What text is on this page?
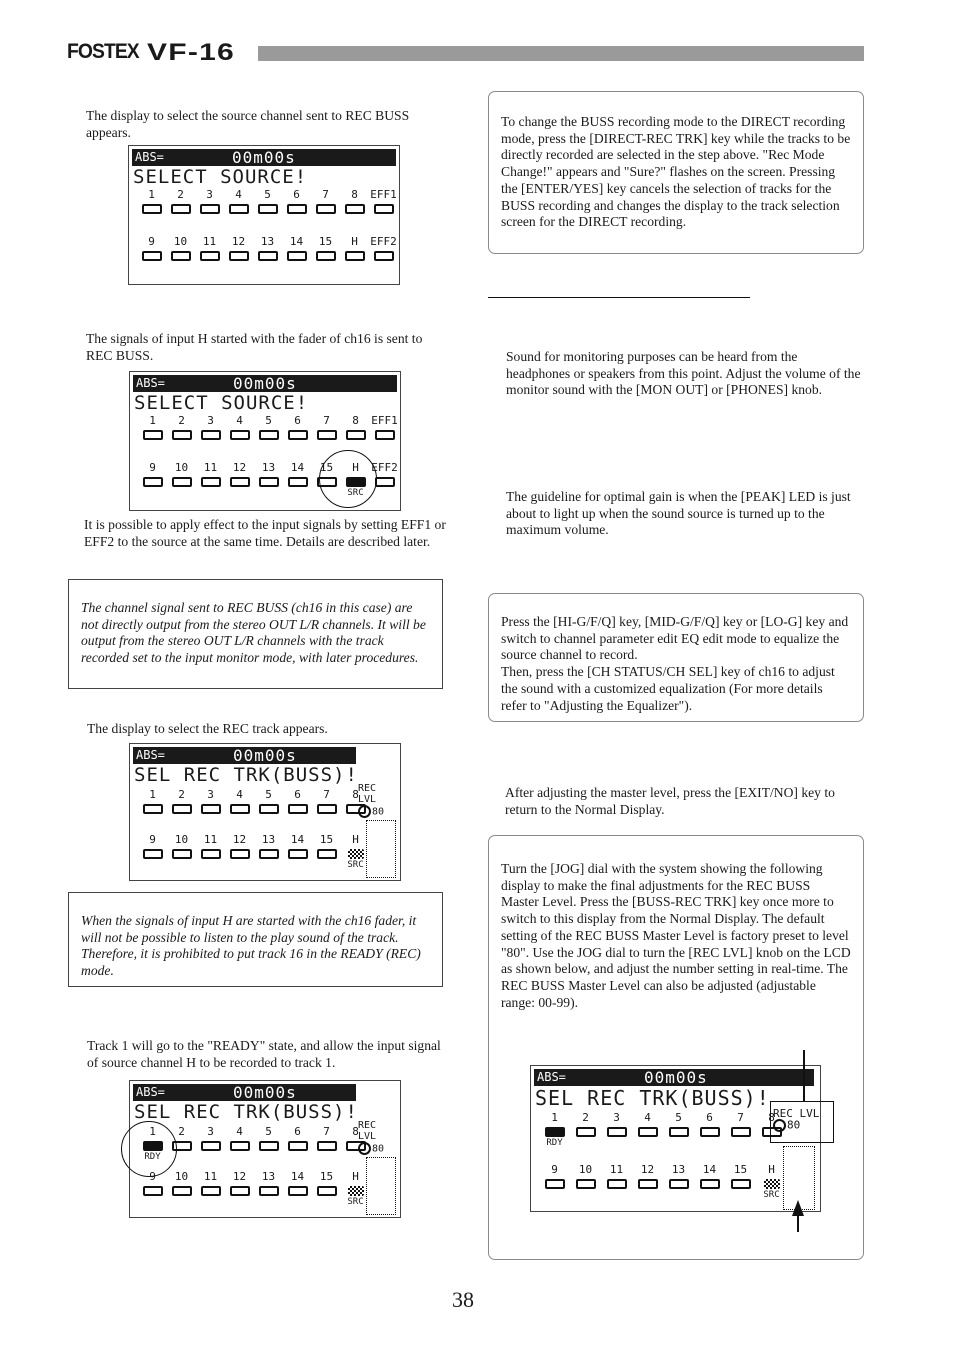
FOSTEX VF-16

The display to select the source channel sent to REC BUSS appears.

ABS=	00m00s
SELECT SOURCE!
1	2	3	4	5	6	7	8	EFF1
9	10	11	12	13	14	15	H	EFF2

The signals of input H started with the fader of ch16 is sent to REC BUSS.

ABS=	00m00s
SELECT SOURCE!
1	2	3	4	5	6	7	8	EFF1
9	10	11	12	13	14	15	H
SRC
EFF2

It is possible to apply effect to the input signals by setting EFF1 or EFF2 to the source at the same time. Details are described later.

The channel signal sent to REC BUSS (ch16 in this case) are not directly output from the stereo OUT L/R channels. It will be output from the stereo OUT L/R channels with the track recorded set to the input monitor mode, with later procedures.

The display to select the REC track appears.

ABS=	00m00s
SEL REC TRK(BUSS)!
1	2	3	4	5	6	7	8
9	10	11	12	13	14	15	H
SRC
REC LVL
80

When the signals of input H are started with the ch16 fader, it will not be possible to listen to the play sound of the track. Therefore, it is prohibited to put track 16 in the READY (REC) mode.

Track 1 will go to the "READY" state, and allow the input signal of source channel H to be recorded to track 1.

ABS=	00m00s
SEL REC TRK(BUSS)!
1
RDY
2	3	4	5	6	7	8
9	10	11	12	13	14	15	H
SRC
REC LVL
80

To change the BUSS recording mode to the DIRECT recording mode, press the [DIRECT-REC TRK] key while the tracks to be directly recorded are selected in the step above. "Rec Mode Change!" appears and "Sure?" flashes on the screen. Pressing the [ENTER/YES] key cancels the selection of tracks for the BUSS recording and changes the display to the track selection screen for the DIRECT recording.

Sound for monitoring purposes can be heard from the headphones or speakers from this point. Adjust the volume of the monitor sound with the [MON OUT] or [PHONES] knob.

The guideline for optimal gain is when the [PEAK] LED is just about to light up when the sound source is turned up to the maximum volume.

Press the [HI-G/F/Q] key, [MID-G/F/Q] key or [LO-G] key and switch to channel parameter edit EQ edit mode to equalize the source channel to record.
Then, press the [CH STATUS/CH SEL] key of ch16 to adjust the sound with a customized equalization (For more details refer to "Adjusting the Equalizer").

After adjusting the master level, press the [EXIT/NO] key to return to the Normal Display.

Turn the [JOG] dial with the system showing the following display to make the final adjustments for the REC BUSS Master Level. Press the [BUSS-REC TRK] key once more to switch to this display from the Normal Display. The default setting of the REC BUSS Master Level is factory preset to level "80". Use the JOG dial to turn the [REC LVL] knob on the LCD as shown below, and adjust the number setting in real-time. The REC BUSS Master Level can also be adjusted (adjustable range: 00-99).

ABS=	00m00s
SEL REC TRK(BUSS)!
1
RDY
2	3	4	5	6	7	8
9	10	11	12	13	14	15	H
SRC
REC LVL
80
38
